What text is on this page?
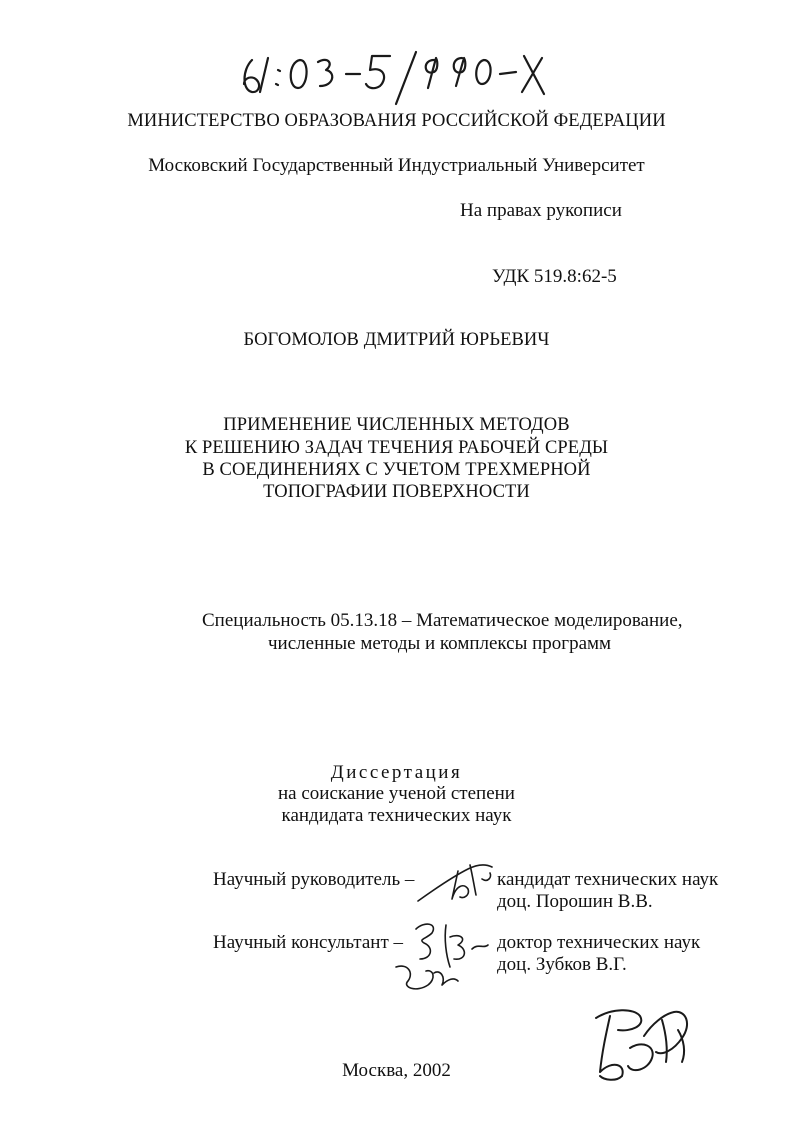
МИНИСТЕРСТВО ОБРАЗОВАНИЯ РОССИЙСКОЙ ФЕДЕРАЦИИ
Московский Государственный Индустриальный Университет
На правах рукописи
УДК 519.8:62-5
БОГОМОЛОВ ДМИТРИЙ ЮРЬЕВИЧ
ПРИМЕНЕНИЕ ЧИСЛЕННЫХ МЕТОДОВ
К РЕШЕНИЮ ЗАДАЧ ТЕЧЕНИЯ РАБОЧЕЙ СРЕДЫ
В СОЕДИНЕНИЯХ С УЧЕТОМ ТРЕХМЕРНОЙ
ТОПОГРАФИИ ПОВЕРХНОСТИ
Специальность 05.13.18 – Математическое моделирование,
численные методы и комплексы программ
Диссертация
на соискание ученой степени
кандидата технических наук
Научный руководитель –	кандидат технических наук
доц. Порошин В.В.
Научный консультант –	доктор технических наук
доц. Зубков В.Г.
Москва, 2002
